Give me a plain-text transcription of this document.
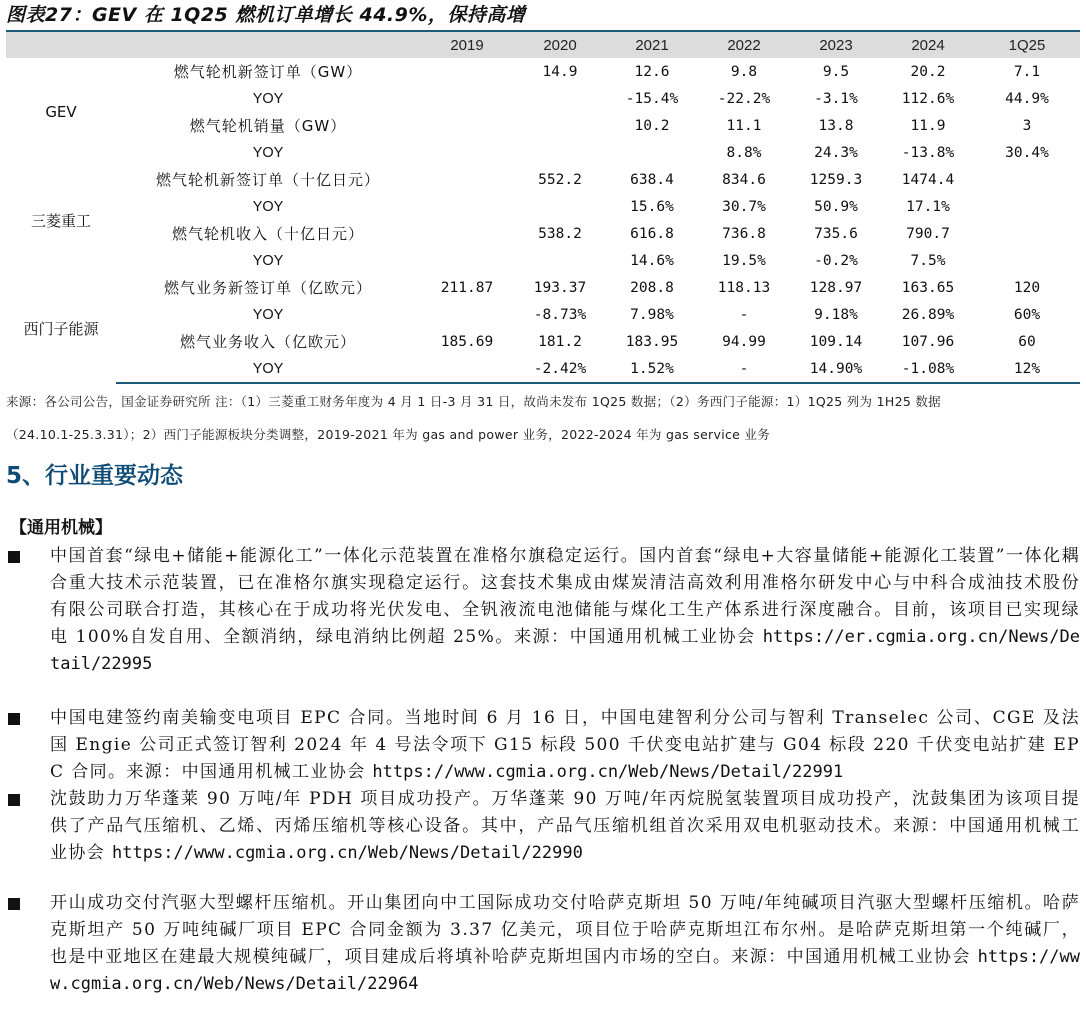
图表27：GEV 在 1Q25 燃机订单增长 44.9%，保持高增
		2019	2020	2021	2022	2023	2024	1Q25
GEV	燃气轮机新签订单（GW）		14.9	12.6	9.8	9.5	20.2	7.1
	YOY			-15.4%	-22.2%	-3.1%	112.6%	44.9%
	燃气轮机销量（GW）			10.2	11.1	13.8	11.9	3
	YOY				8.8%	24.3%	-13.8%	30.4%
三菱重工	燃气轮机新签订单（十亿日元）		552.2	638.4	834.6	1259.3	1474.4	
	YOY			15.6%	30.7%	50.9%	17.1%	
	燃气轮机收入（十亿日元）		538.2	616.8	736.8	735.6	790.7	
	YOY			14.6%	19.5%	-0.2%	7.5%	
西门子能源	燃气业务新签订单（亿欧元）	211.87	193.37	208.8	118.13	128.97	163.65	120
	YOY		-8.73%	7.98%	-	9.18%	26.89%	60%
	燃气业务收入（亿欧元）	185.69	181.2	183.95	94.99	109.14	107.96	60
	YOY		-2.42%	1.52%	-	14.90%	-1.08%	12%
来源：各公司公告，国金证券研究所 注：（1）三菱重工财务年度为 4 月 1 日-3 月 31 日，故尚未发布 1Q25 数据；（2）务西门子能源：1）1Q25 列为 1H25 数据
（24.10.1-25.3.31）；2）西门子能源板块分类调整，2019-2021 年为 gas and power 业务，2022-2024 年为 gas service 业务
5、行业重要动态
【通用机械】
中国首套“绿电+储能+能源化工”一体化示范装置在准格尔旗稳定运行。国内首套“绿电+大容量储能+能源化工装置”一体化耦合重大技术示范装置，已在准格尔旗实现稳定运行。这套技术集成由煤炭清洁高效利用准格尔研发中心与中科合成油技术股份有限公司联合打造，其核心在于成功将光伏发电、全钒液流电池储能与煤化工生产体系进行深度融合。目前，该项目已实现绿电 100%自发自用、全额消纳，绿电消纳比例超 25%。来源：中国通用机械工业协会 https://er.cgmia.org.cn/News/Detail/22995
中国电建签约南美输变电项目 EPC 合同。当地时间 6 月 16 日，中国电建智利分公司与智利 Transelec 公司、CGE 及法国 Engie 公司正式签订智利 2024 年 4 号法令项下 G15 标段 500 千伏变电站扩建与 G04 标段 220 千伏变电站扩建 EPC 合同。来源：中国通用机械工业协会 https://www.cgmia.org.cn/Web/News/Detail/22991
沈鼓助力万华蓬莱 90 万吨/年 PDH 项目成功投产。万华蓬莱 90 万吨/年丙烷脱氢装置项目成功投产，沈鼓集团为该项目提供了产品气压缩机、乙烯、丙烯压缩机等核心设备。其中，产品气压缩机组首次采用双电机驱动技术。来源：中国通用机械工业协会 https://www.cgmia.org.cn/Web/News/Detail/22990
开山成功交付汽驱大型螺杆压缩机。开山集团向中工国际成功交付哈萨克斯坦 50 万吨/年纯碱项目汽驱大型螺杆压缩机。哈萨克斯坦产 50 万吨纯碱厂项目 EPC 合同金额为 3.37 亿美元，项目位于哈萨克斯坦江布尔州。是哈萨克斯坦第一个纯碱厂，也是中亚地区在建最大规模纯碱厂，项目建成后将填补哈萨克斯坦国内市场的空白。来源：中国通用机械工业协会 https://www.cgmia.org.cn/Web/News/Detail/22964
